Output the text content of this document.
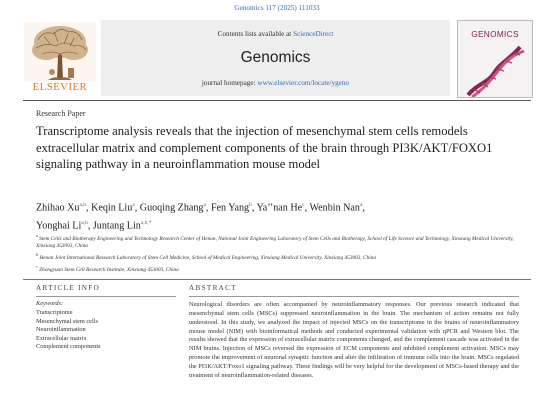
Genomics 117 (2025) 111033
ELSEVIER
Contents lists available at ScienceDirect
Genomics
journal homepage: www.elsevier.com/locate/ygeno
GENOMICS
Research Paper
Transcriptome analysis reveals that the injection of mesenchymal stem cells remodels extracellular matrix and complement components of the brain through PI3K/AKT/FOXO1 signaling pathway in a neuroinflammation mouse model
Zhihao Xu$^{a,b}$, Keqin Liu$^a$, Guoqing Zhang$^a$, Fen Yang$^b$, Ya’’nan He$^c$, Wenbin Nan$^a$,
Yonghai Li$^{a,b}$, Juntang Lin$^{a,b,*}$
$^a$ Stem Cells and Biotherapy Engineering and Technology Research Center of Henan, National Joint Engineering Laboratory of Stem Cells and Biotherapy, School of Life Science and Technology, Xinxiang Medical University, Xinxiang 453003, China
$^b$ Henan Joint International Research Laboratory of Stem Cell Medicine, School of Medical Engineering, Xinxiang Medical University, Xinxiang 453003, China
$^c$ Zhongyuan Stem Cell Research Institute, Xinxiang 453003, China
ARTICLE INFO	ABSTRACT
Keywords:
Transcriptome
Mesenchymal stem cells
Neuroinflammation
Extracellular matrix
Complement components
Neurological disorders are often accompanied by neuroinflammatory responses. Our previous research indicated that mesenchymal stem cells (MSCs) suppressed neuroinflammation in the brain. The mechanism of action remains not fully understood. In this study, we analyzed the impact of injected MSCs on the transcriptome in the brains of neuroinflammatory mouse model (NIM) with bioinformatical methods and conducted experimental validation with qPCR and Western blot. The results showed that the expression of extracellular matrix components changed, and the complement cascade was activated in the NIM brains. Injection of MSCs reversed the expression of ECM components and inhibited complement activation. MSCs may promote the improvement of neuronal synaptic function and alter the infiltration of immune cells into the brain. MSCs regulated the PI3K/AKT/Foxo1 signaling pathway. These findings will be very helpful for the development of MSCs-based therapy and the treatment of neuroinflammation-related diseases.
